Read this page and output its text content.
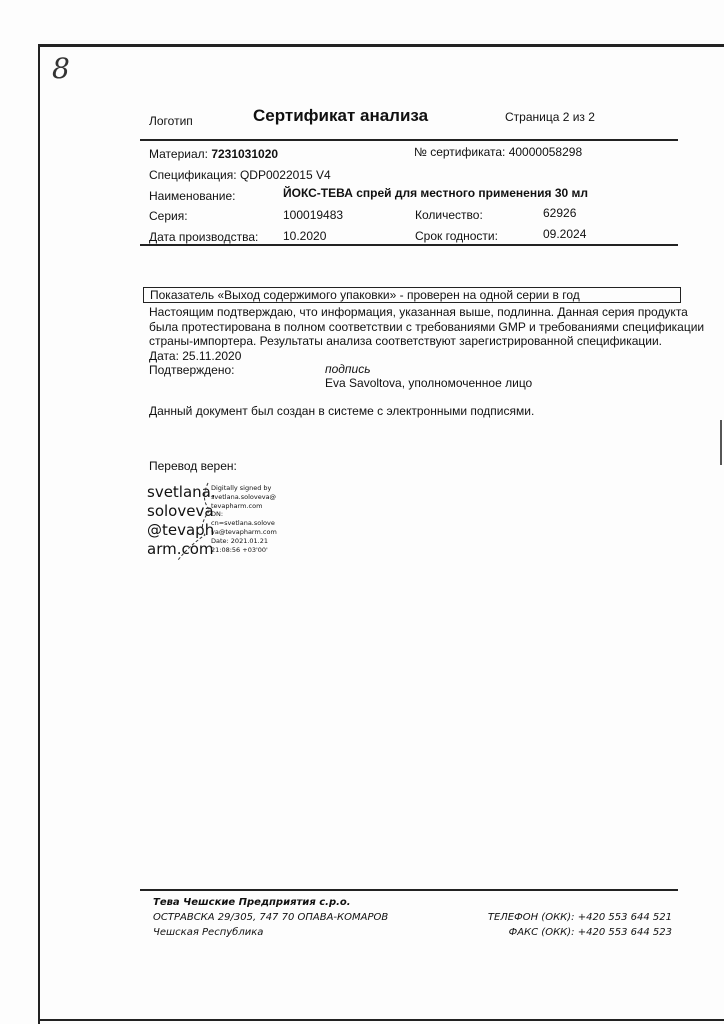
8
Логотип	Сертификат анализа	Страница 2 из 2
Материал: 7231031020	№ сертификата: 40000058298
Спецификация: QDP0022015 V4
Наименование:	ЙОКС-ТЕВА спрей для местного применения 30 мл
Серия:	100019483	Количество:	62926
Дата производства: 10.2020	Срок годности:	09.2024
Показатель «Выход содержимого упаковки» - проверен на одной серии в год
Настоящим подтверждаю, что информация, указанная выше, подлинна. Данная серия продукта
была протестирована в полном соответствии с требованиями GMP и требованиями спецификации
страны-импортера. Результаты анализа соответствуют зарегистрированной спецификации.
Дата: 25.11.2020
Подтверждено:	подпись
Eva Savoltova, уполномоченное лицо
Данный документ был создан в системе с электронными подписями.
Перевод верен:
svetlana.
soloveva
@tevaph
arm.com
Digitally signed by
svetlana.soloveva@
tevapharm.com
DN:
cn=svetlana.solove
va@tevapharm.com
Date: 2021.01.21
21:08:56 +03'00'
Тева Чешские Предприятия с.р.о.
ОСТРАВСКА 29/305, 747 70 ОПАВА-КОМАРОВ
Чешская Республика
ТЕЛЕФОН (ОКК): +420 553 644 521
ФАКС (ОКК): +420 553 644 523
